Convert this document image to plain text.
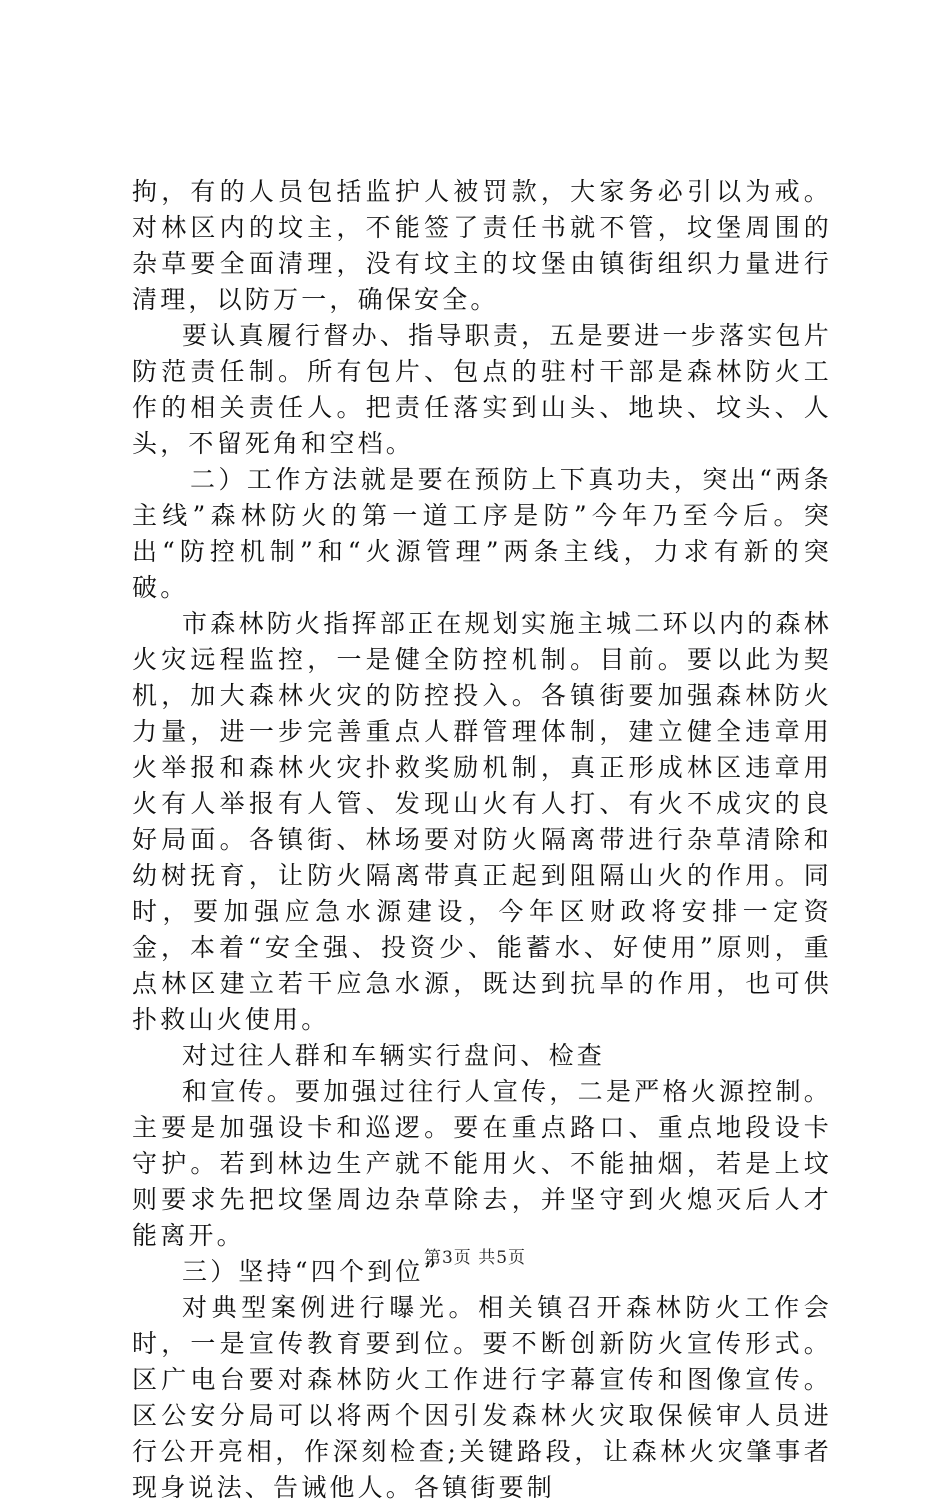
拘，有的人员包括监护人被罚款，大家务必引以为戒。对林区内的坟主，不能签了责任书就不管，坟堡周围的杂草要全面清理，没有坟主的坟堡由镇街组织力量进行清理，以防万一，确保安全。

要认真履行督办、指导职责，五是要进一步落实包片防范责任制。所有包片、包点的驻村干部是森林防火工作的相关责任人。把责任落实到山头、地块、坟头、人头，不留死角和空档。

二）工作方法就是要在预防上下真功夫，突出“两条主线”森林防火的第一道工序是防”今年乃至今后。突出“防控机制”和“火源管理”两条主线，力求有新的突破。

市森林防火指挥部正在规划实施主城二环以内的森林火灾远程监控，一是健全防控机制。目前。要以此为契机，加大森林火灾的防控投入。各镇街要加强森林防火力量，进一步完善重点人群管理体制，建立健全违章用火举报和森林火灾扑救奖励机制，真正形成林区违章用火有人举报有人管、发现山火有人打、有火不成灾的良好局面。各镇街、林场要对防火隔离带进行杂草清除和幼树抚育，让防火隔离带真正起到阻隔山火的作用。同时，要加强应急水源建设，今年区财政将安排一定资金，本着“安全强、投资少、能蓄水、好使用”原则，重点林区建立若干应急水源，既达到抗旱的作用，也可供扑救山火使用。

对过往人群和车辆实行盘问、检查

和宣传。要加强过往行人宣传，二是严格火源控制。主要是加强设卡和巡逻。要在重点路口、重点地段设卡守护。若到林边生产就不能用火、不能抽烟，若是上坟则要求先把坟堡周边杂草除去，并坚守到火熄灭后人才能离开。

三）坚持“四个到位”

对典型案例进行曝光。相关镇召开森林防火工作会时，一是宣传教育要到位。要不断创新防火宣传形式。区广电台要对森林防火工作进行字幕宣传和图像宣传。区公安分局可以将两个因引发森林火灾取保候审人员进行公开亮相，作深刻检查;关键路段，让森林火灾肇事者现身说法、告诫他人。各镇街要制

第3页 共5页
